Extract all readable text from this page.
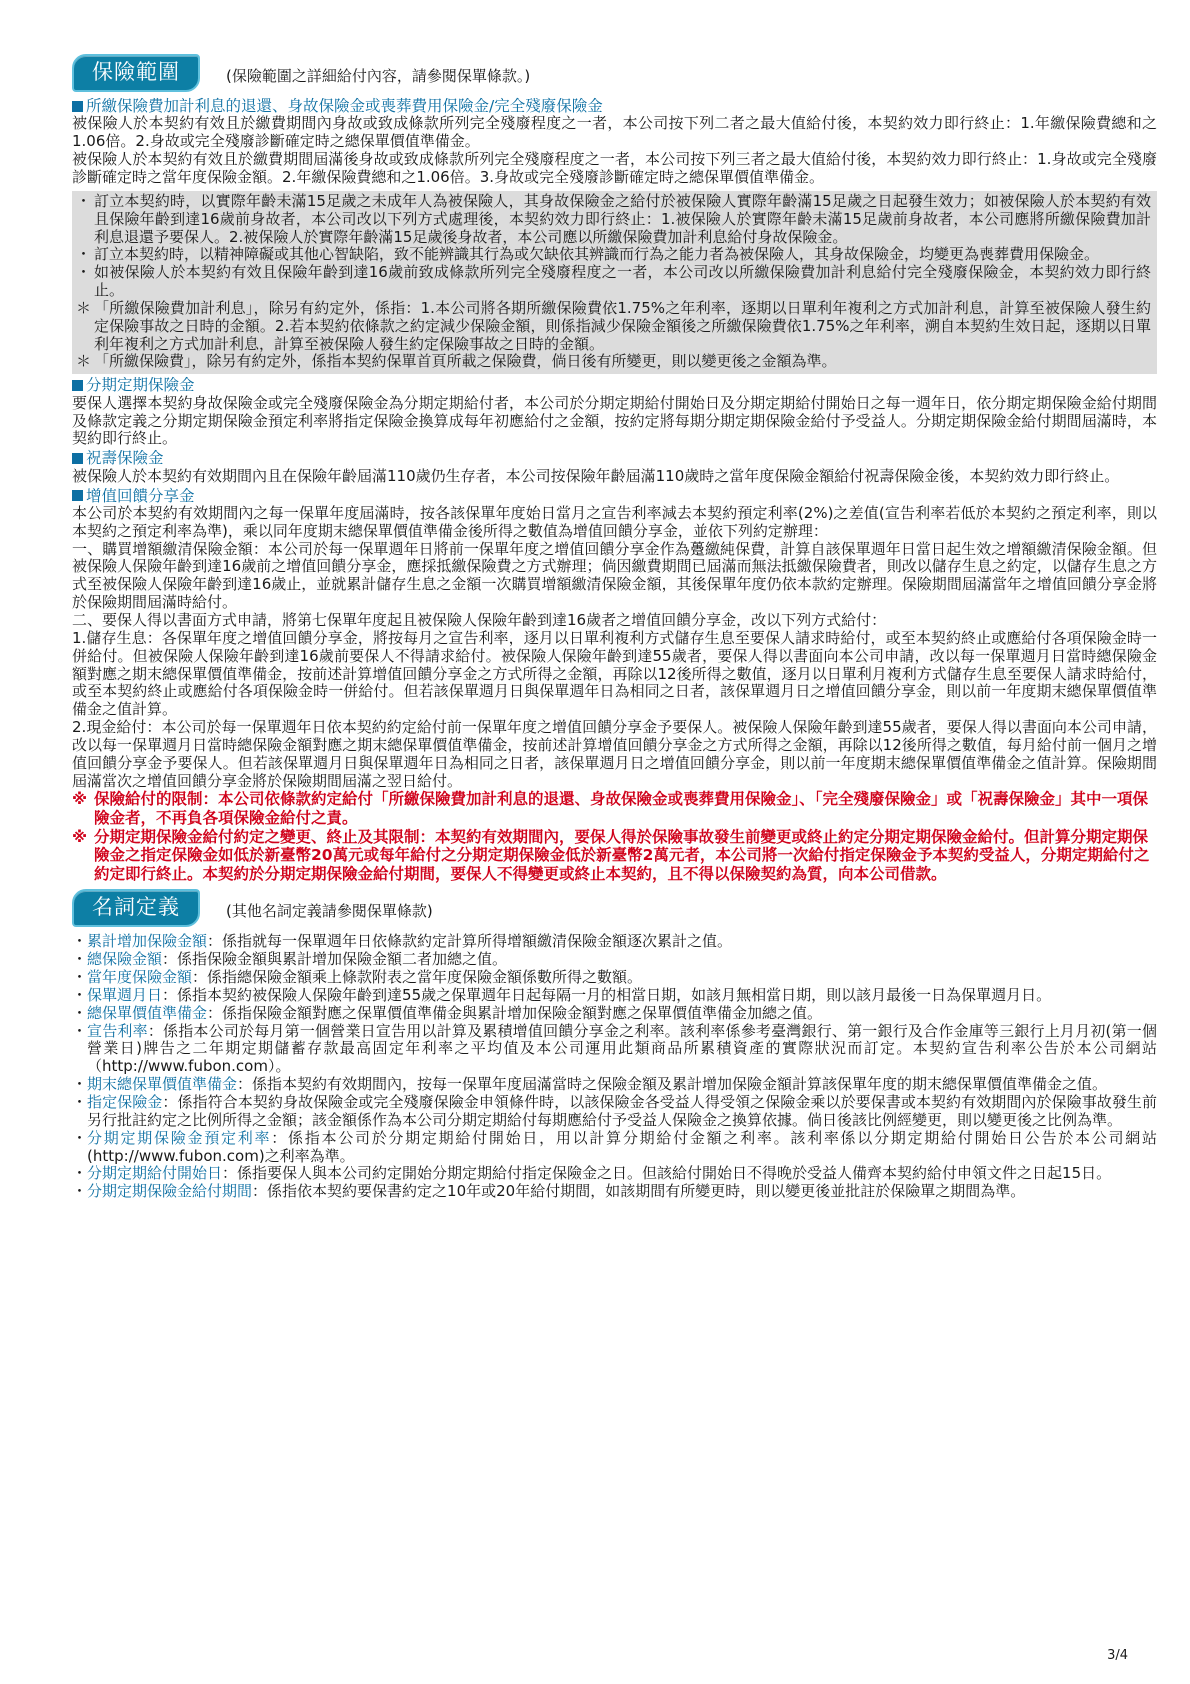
保險範圍	(保險範圍之詳細給付內容，請參閱保單條款。)
所繳保險費加計利息的退還、身故保險金或喪葬費用保險金/完全殘廢保險金
被保險人於本契約有效且於繳費期間內身故或致成條款所列完全殘廢程度之一者，本公司按下列二者之最大值給付後，本契約效力即行終止：1.年繳保險費總和之1.06倍。2.身故或完全殘廢診斷確定時之總保單價值準備金。
被保險人於本契約有效且於繳費期間屆滿後身故或致成條款所列完全殘廢程度之一者，本公司按下列三者之最大值給付後，本契約效力即行終止：1.身故或完全殘廢診斷確定時之當年度保險金額。2.年繳保險費總和之1.06倍。3.身故或完全殘廢診斷確定時之總保單價值準備金。
・ 訂立本契約時，以實際年齡未滿15足歲之未成年人為被保險人，其身故保險金之給付於被保險人實際年齡滿15足歲之日起發生效力；如被保險人於本契約有效且保險年齡到達16歲前身故者，本公司改以下列方式處理後，本契約效力即行終止：1.被保險人於實際年齡未滿15足歲前身故者，本公司應將所繳保險費加計利息退還予要保人。2.被保險人於實際年齡滿15足歲後身故者，本公司應以所繳保險費加計利息給付身故保險金。
・ 訂立本契約時，以精神障礙或其他心智缺陷，致不能辨識其行為或欠缺依其辨識而行為之能力者為被保險人，其身故保險金，均變更為喪葬費用保險金。
・ 如被保險人於本契約有效且保險年齡到達16歲前致成條款所列完全殘廢程度之一者，本公司改以所繳保險費加計利息給付完全殘廢保險金，本契約效力即行終止。
＊ 「所繳保險費加計利息」，除另有約定外，係指：1.本公司將各期所繳保險費依1.75%之年利率，逐期以日單利年複利之方式加計利息，計算至被保險人發生約定保險事故之日時的金額。2.若本契約依條款之約定減少保險金額，則係指減少保險金額後之所繳保險費依1.75%之年利率，溯自本契約生效日起，逐期以日單利年複利之方式加計利息，計算至被保險人發生約定保險事故之日時的金額。
＊ 「所繳保險費」，除另有約定外，係指本契約保單首頁所載之保險費，倘日後有所變更，則以變更後之金額為準。
分期定期保險金
要保人選擇本契約身故保險金或完全殘廢保險金為分期定期給付者，本公司於分期定期給付開始日及分期定期給付開始日之每一週年日，依分期定期保險金給付期間及條款定義之分期定期保險金預定利率將指定保險金換算成每年初應給付之金額，按約定將每期分期定期保險金給付予受益人。分期定期保險金給付期間屆滿時，本契約即行終止。
祝壽保險金
被保險人於本契約有效期間內且在保險年齡屆滿110歲仍生存者，本公司按保險年齡屆滿110歲時之當年度保險金額給付祝壽保險金後，本契約效力即行終止。
增值回饋分享金
本公司於本契約有效期間內之每一保單年度屆滿時，按各該保單年度始日當月之宣告利率減去本契約預定利率(2%)之差值(宣告利率若低於本契約之預定利率，則以本契約之預定利率為準)，乘以同年度期末總保單價值準備金後所得之數值為增值回饋分享金，並依下列約定辦理：
一、購買增額繳清保險金額：本公司於每一保單週年日將前一保單年度之增值回饋分享金作為躉繳純保費，計算自該保單週年日當日起生效之增額繳清保險金額。但被保險人保險年齡到達16歲前之增值回饋分享金，應採抵繳保險費之方式辦理；倘因繳費期間已屆滿而無法抵繳保險費者，則改以儲存生息之約定，以儲存生息之方式至被保險人保險年齡到達16歲止，並就累計儲存生息之金額一次購買增額繳清保險金額，其後保單年度仍依本款約定辦理。保險期間屆滿當年之增值回饋分享金將於保險期間屆滿時給付。
二、要保人得以書面方式申請，將第七保單年度起且被保險人保險年齡到達16歲者之增值回饋分享金，改以下列方式給付：
1.儲存生息：各保單年度之增值回饋分享金，將按每月之宣告利率，逐月以日單利複利方式儲存生息至要保人請求時給付，或至本契約終止或應給付各項保險金時一併給付。但被保險人保險年齡到達16歲前要保人不得請求給付。被保險人保險年齡到達55歲者，要保人得以書面向本公司申請，改以每一保單週月日當時總保險金額對應之期末總保單價值準備金，按前述計算增值回饋分享金之方式所得之金額，再除以12後所得之數值，逐月以日單利月複利方式儲存生息至要保人請求時給付，或至本契約終止或應給付各項保險金時一併給付。但若該保單週月日與保單週年日為相同之日者，該保單週月日之增值回饋分享金，則以前一年度期末總保單價值準備金之值計算。
2.現金給付：本公司於每一保單週年日依本契約約定給付前一保單年度之增值回饋分享金予要保人。被保險人保險年齡到達55歲者，要保人得以書面向本公司申請，改以每一保單週月日當時總保險金額對應之期末總保單價值準備金，按前述計算增值回饋分享金之方式所得之金額，再除以12後所得之數值，每月給付前一個月之增值回饋分享金予要保人。但若該保單週月日與保單週年日為相同之日者，該保單週月日之增值回饋分享金，則以前一年度期末總保單價值準備金之值計算。保險期間屆滿當次之增值回饋分享金將於保險期間屆滿之翌日給付。
※ 保險給付的限制：本公司依條款約定給付「所繳保險費加計利息的退還、身故保險金或喪葬費用保險金」、「完全殘廢保險金」或「祝壽保險金」其中一項保險金者，不再負各項保險金給付之責。
※ 分期定期保險金給付約定之變更、終止及其限制：本契約有效期間內，要保人得於保險事故發生前變更或終止約定分期定期保險金給付。但計算分期定期保險金之指定保險金如低於新臺幣20萬元或每年給付之分期定期保險金低於新臺幣2萬元者，本公司將一次給付指定保險金予本契約受益人，分期定期給付之約定即行終止。本契約於分期定期保險金給付期間，要保人不得變更或終止本契約，且不得以保險契約為質，向本公司借款。
名詞定義	(其他名詞定義請參閱保單條款)
・ 累計增加保險金額：係指就每一保單週年日依條款約定計算所得增額繳清保險金額逐次累計之值。
・ 總保險金額：係指保險金額與累計增加保險金額二者加總之值。
・ 當年度保險金額：係指總保險金額乘上條款附表之當年度保險金額係數所得之數額。
・ 保單週月日：係指本契約被保險人保險年齡到達55歲之保單週年日起每隔一月的相當日期，如該月無相當日期，則以該月最後一日為保單週月日。
・ 總保單價值準備金：係指保險金額對應之保單價值準備金與累計增加保險金額對應之保單價值準備金加總之值。
・ 宣告利率：係指本公司於每月第一個營業日宣告用以計算及累積增值回饋分享金之利率。該利率係參考臺灣銀行、第一銀行及合作金庫等三銀行上月月初(第一個營業日)牌告之二年期定期儲蓄存款最高固定年利率之平均值及本公司運用此類商品所累積資產的實際狀況而訂定。本契約宣告利率公告於本公司網站（http://www.fubon.com）。
・ 期末總保單價值準備金：係指本契約有效期間內，按每一保單年度屆滿當時之保險金額及累計增加保險金額計算該保單年度的期末總保單價值準備金之值。
・ 指定保險金：係指符合本契約身故保險金或完全殘廢保險金申領條件時，以該保險金各受益人得受領之保險金乘以於要保書或本契約有效期間內於保險事故發生前另行批註約定之比例所得之金額；該金額係作為本公司分期定期給付每期應給付予受益人保險金之換算依據。倘日後該比例經變更，則以變更後之比例為準。
・ 分期定期保險金預定利率：係指本公司於分期定期給付開始日，用以計算分期給付金額之利率。該利率係以分期定期給付開始日公告於本公司網站(http://www.fubon.com)之利率為準。
・ 分期定期給付開始日：係指要保人與本公司約定開始分期定期給付指定保險金之日。但該給付開始日不得晚於受益人備齊本契約給付申領文件之日起15日。
・ 分期定期保險金給付期間：係指依本契約要保書約定之10年或20年給付期間，如該期間有所變更時，則以變更後並批註於保險單之期間為準。
3/4
